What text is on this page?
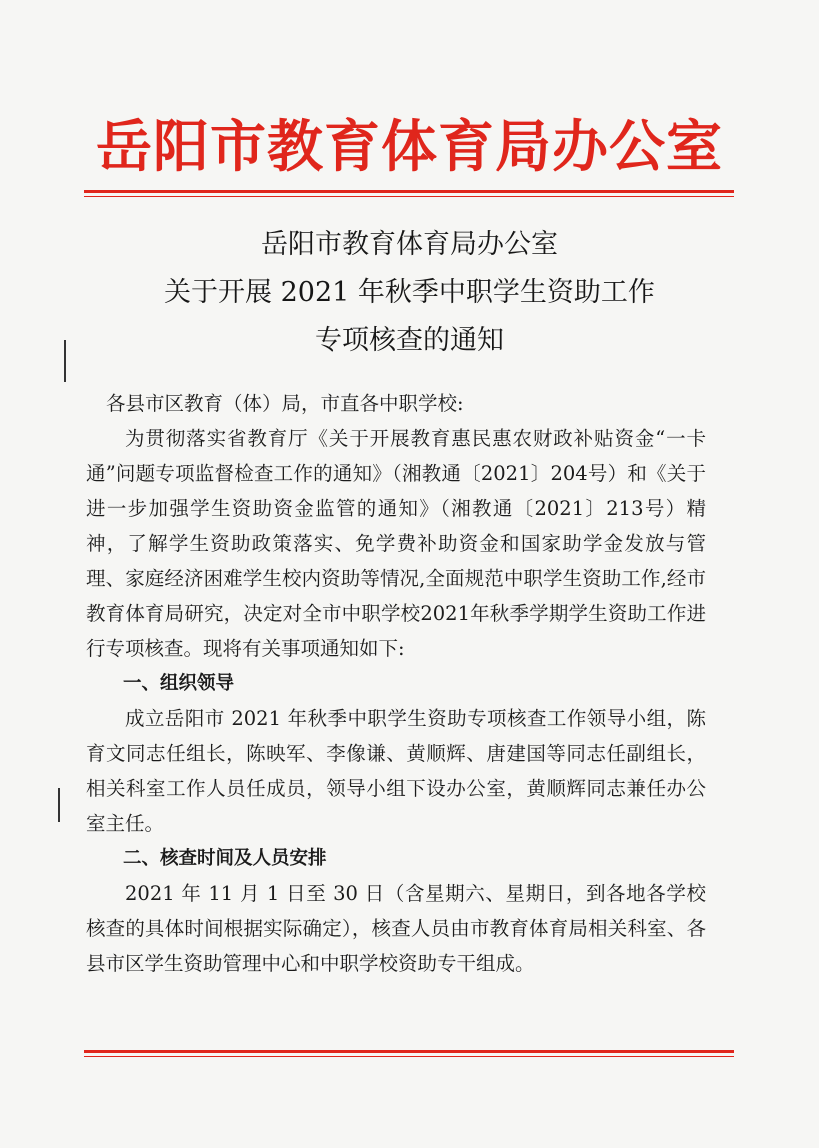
岳阳市教育体育局办公室
岳阳市教育体育局办公室
关于开展 2021 年秋季中职学生资助工作
专项核查的通知

各县市区教育（体）局，市直各中职学校:

为贯彻落实省教育厅《关于开展教育惠民惠农财政补贴资金“一卡通”问题专项监督检查工作的通知》（湘教通〔2021〕204号）和《关于进一步加强学生资助资金监管的通知》（湘教通〔2021〕213号）精神，了解学生资助政策落实、免学费补助资金和国家助学金发放与管理、家庭经济困难学生校内资助等情况,全面规范中职学生资助工作,经市教育体育局研究，决定对全市中职学校2021年秋季学期学生资助工作进行专项核查。现将有关事项通知如下:

一、组织领导

成立岳阳市 2021 年秋季中职学生资助专项核查工作领导小组，陈育文同志任组长，陈映军、李像谦、黄顺辉、唐建国等同志任副组长，相关科室工作人员任成员，领导小组下设办公室，黄顺辉同志兼任办公室主任。

二、核查时间及人员安排

2021 年 11 月 1 日至 30 日（含星期六、星期日，到各地各学校核查的具体时间根据实际确定），核查人员由市教育体育局相关科室、各县市区学生资助管理中心和中职学校资助专干组成。
